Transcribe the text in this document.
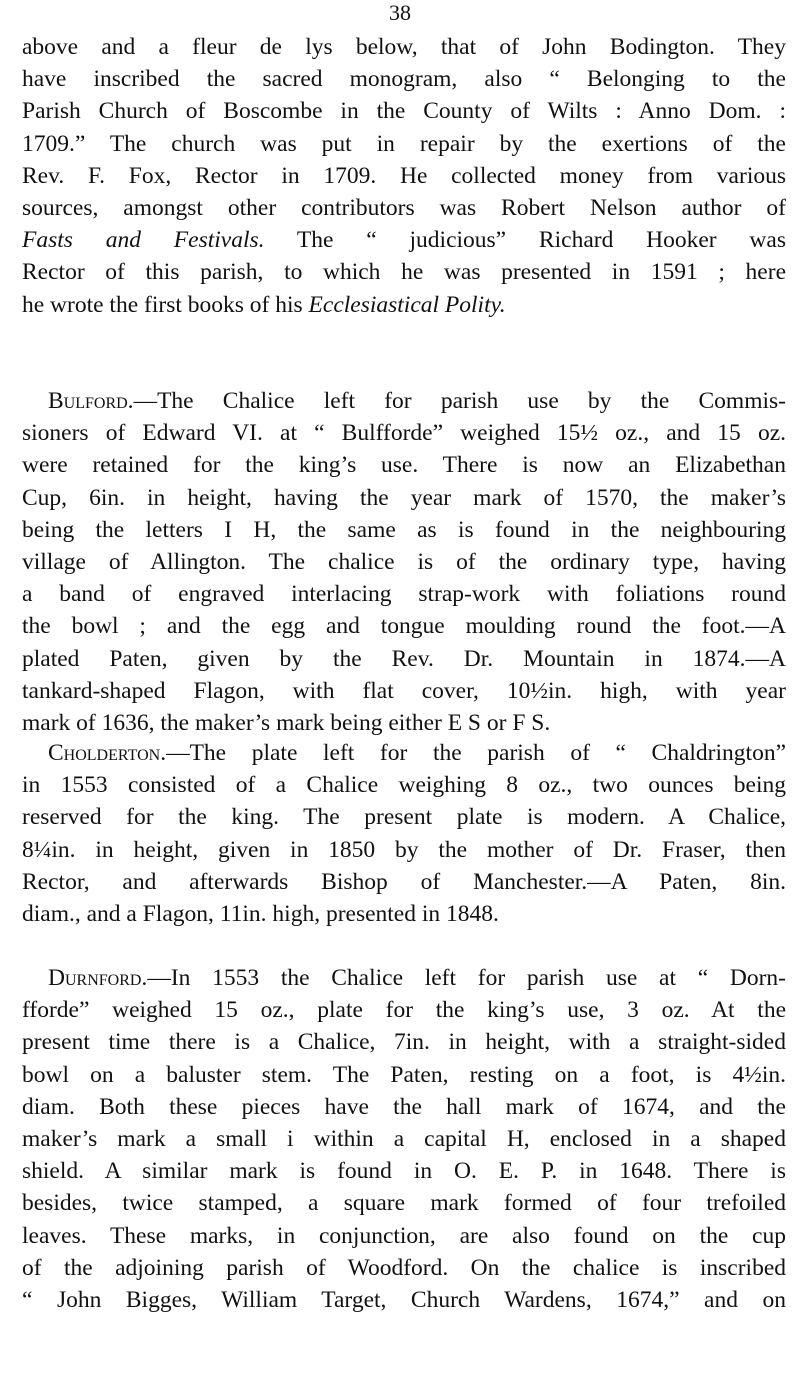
38
above and a fleur de lys below, that of John Bodington. They
have inscribed the sacred monogram, also “ Belonging to the
Parish Church of Boscombe in the County of Wilts : Anno Dom. :
1709.” The church was put in repair by the exertions of the
Rev. F. Fox, Rector in 1709. He collected money from various
sources, amongst other contributors was Robert Nelson author of
Fasts and Festivals. The “ judicious” Richard Hooker was
Rector of this parish, to which he was presented in 1591 ; here
he wrote the first books of his Ecclesiastical Polity.
Bulford.—The Chalice left for parish use by the Commis-
sioners of Edward VI. at “ Bulfforde” weighed 15½ oz., and 15 oz.
were retained for the king’s use. There is now an Elizabethan
Cup, 6in. in height, having the year mark of 1570, the maker’s
being the letters I H, the same as is found in the neighbouring
village of Allington. The chalice is of the ordinary type, having
a band of engraved interlacing strap-work with foliations round
the bowl ; and the egg and tongue moulding round the foot.—A
plated Paten, given by the Rev. Dr. Mountain in 1874.—A
tankard-shaped Flagon, with flat cover, 10½in. high, with year
mark of 1636, the maker’s mark being either E S or F S.
Cholderton.—The plate left for the parish of “ Chaldrington”
in 1553 consisted of a Chalice weighing 8 oz., two ounces being
reserved for the king. The present plate is modern. A Chalice,
8¼in. in height, given in 1850 by the mother of Dr. Fraser, then
Rector, and afterwards Bishop of Manchester.—A Paten, 8in.
diam., and a Flagon, 11in. high, presented in 1848.
Durnford.—In 1553 the Chalice left for parish use at “ Dorn-
fforde” weighed 15 oz., plate for the king’s use, 3 oz. At the
present time there is a Chalice, 7in. in height, with a straight-sided
bowl on a baluster stem. The Paten, resting on a foot, is 4½in.
diam. Both these pieces have the hall mark of 1674, and the
maker’s mark a small i within a capital H, enclosed in a shaped
shield. A similar mark is found in O. E. P. in 1648. There is
besides, twice stamped, a square mark formed of four trefoiled
leaves. These marks, in conjunction, are also found on the cup
of the adjoining parish of Woodford. On the chalice is inscribed
“ John Bigges, William Target, Church Wardens, 1674,” and on
